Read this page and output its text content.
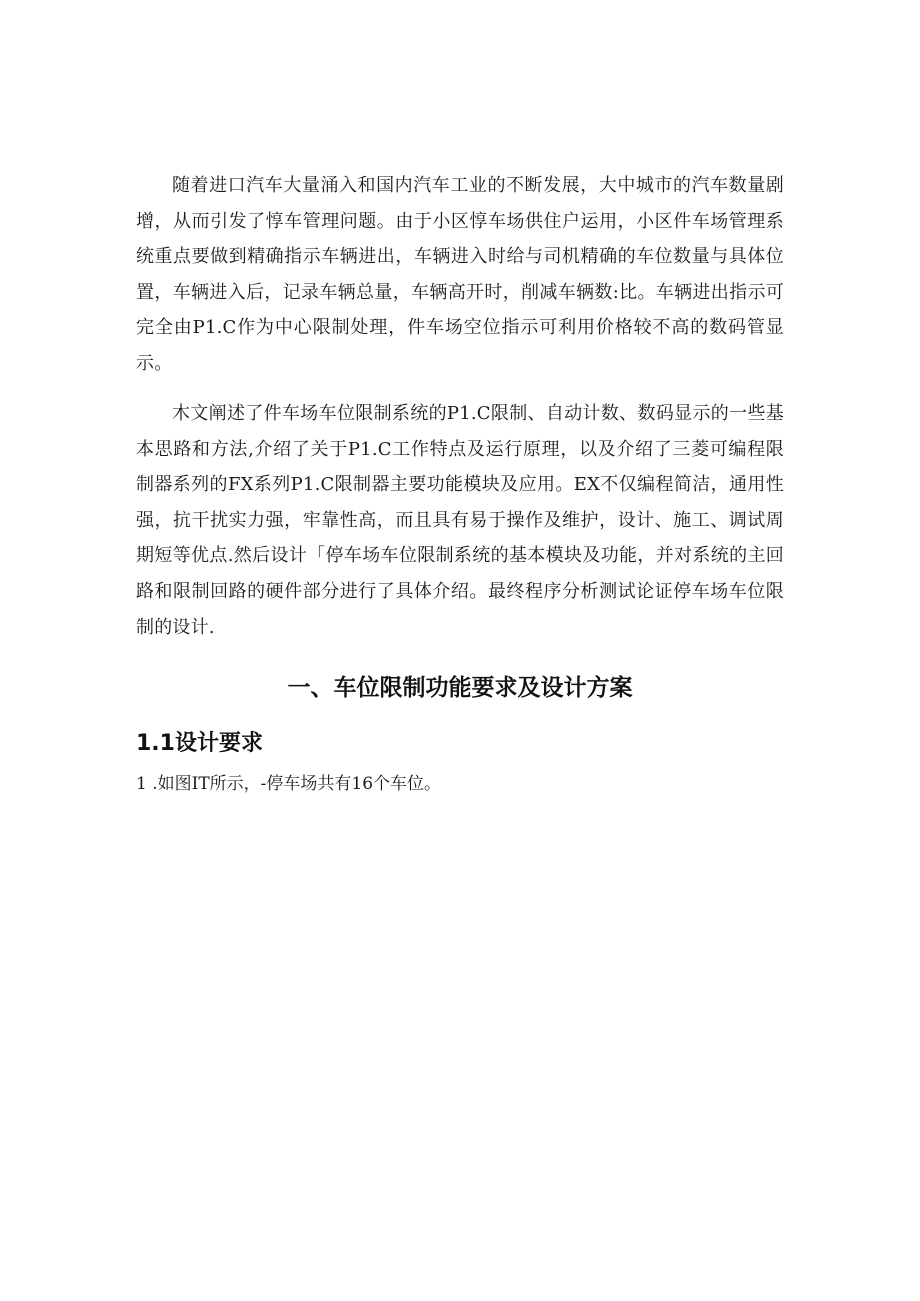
随着进口汽车大量涌入和国内汽车工业的不断发展，大中城市的汽车数量剧增，从而引发了惇车管理问题。由于小区惇车场供住户运用，小区件车场管理系统重点要做到精确指示车辆进出，车辆进入时给与司机精确的车位数量与具体位置，车辆进入后，记录车辆总量，车辆高开时，削减车辆数:比。车辆进出指示可完全由P1.C作为中心限制处理，件车场空位指示可利用价格较不高的数码管显示。

木文阐述了件车场车位限制系统的P1.C限制、自动计数、数码显示的一些基本思路和方法,介绍了关于P1.C工作特点及运行原理，以及介绍了三菱可编程限制器系列的FX系列P1.C限制器主要功能模块及应用。EX不仅编程简洁，通用性强，抗干扰实力强，牢靠性高，而且具有易于操作及维护，设计、施工、调试周期短等优点.然后设计「停车场车位限制系统的基本模块及功能，并对系统的主回路和限制回路的硬件部分进行了具体介绍。最终程序分析测试论证停车场车位限制的设计.

一、车位限制功能要求及设计方案
1.1设计要求

1 .如图IT所示，-停车场共有16个车位。
